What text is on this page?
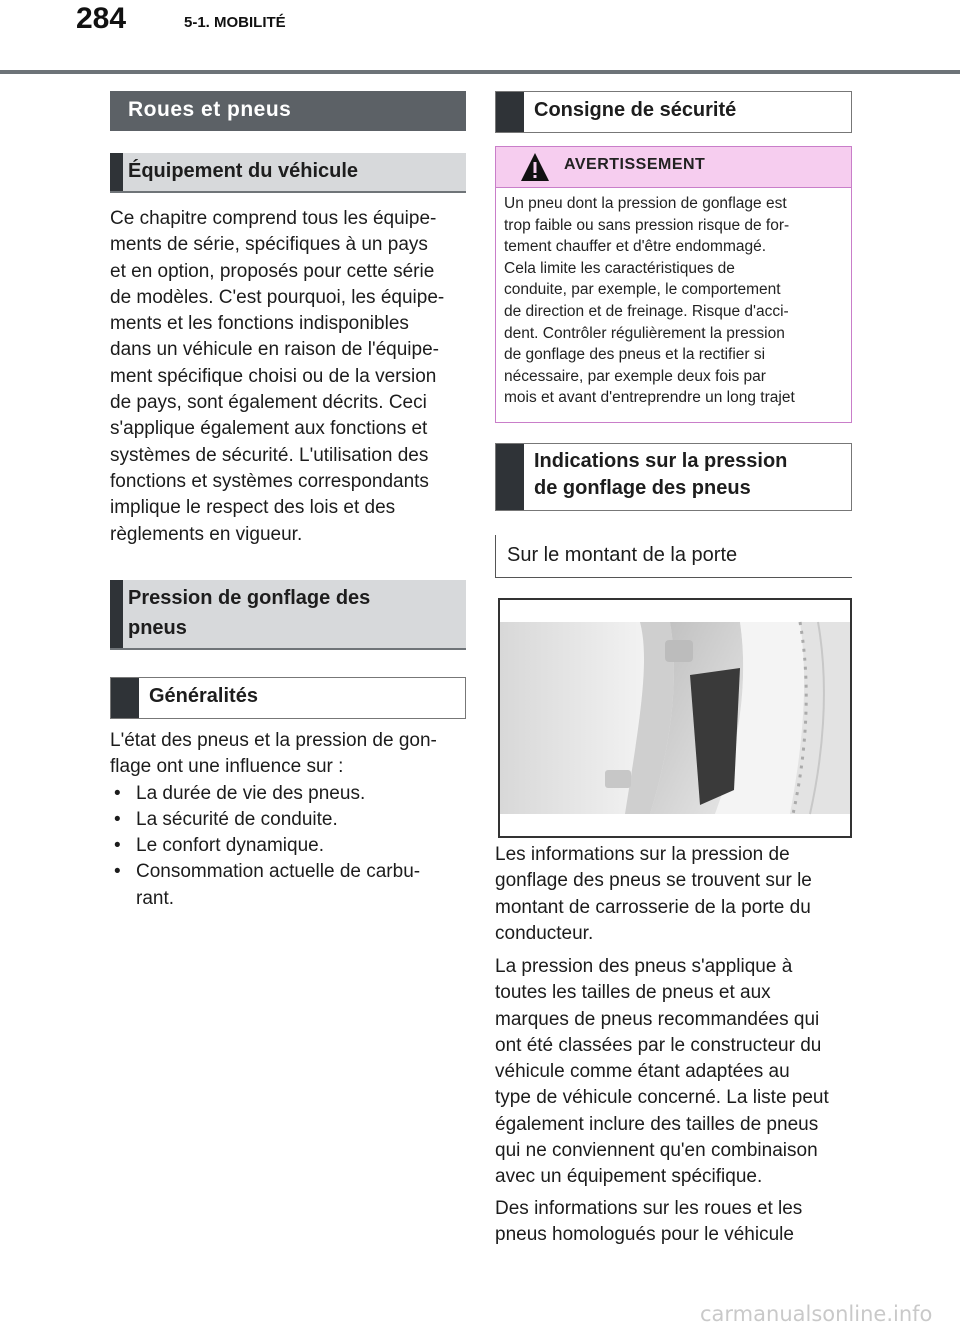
284	5-1. MOBILITÉ
Roues et pneus
Équipement du véhicule
Ce chapitre comprend tous les équipe-
ments de série, spécifiques à un pays
et en option, proposés pour cette série
de modèles. C'est pourquoi, les équipe-
ments et les fonctions indisponibles
dans un véhicule en raison de l'équipe-
ment spécifique choisi ou de la version
de pays, sont également décrits. Ceci
s'applique également aux fonctions et
systèmes de sécurité. L'utilisation des
fonctions et systèmes correspondants
implique le respect des lois et des
règlements en vigueur.
Pression de gonflage des
pneus
Généralités
L'état des pneus et la pression de gon-
flage ont une influence sur :
• La durée de vie des pneus.
• La sécurité de conduite.
• Le confort dynamique.
• Consommation actuelle de carbu-
rant.
Consigne de sécurité
AVERTISSEMENT
Un pneu dont la pression de gonflage est
trop faible ou sans pression risque de for-
tement chauffer et d'être endommagé.
Cela limite les caractéristiques de
conduite, par exemple, le comportement
de direction et de freinage. Risque d'acci-
dent. Contrôler régulièrement la pression
de gonflage des pneus et la rectifier si
nécessaire, par exemple deux fois par
mois et avant d'entreprendre un long trajet
Indications sur la pression
de gonflage des pneus
Sur le montant de la porte
Les informations sur la pression de
gonflage des pneus se trouvent sur le
montant de carrosserie de la porte du
conducteur.
La pression des pneus s'applique à
toutes les tailles de pneus et aux
marques de pneus recommandées qui
ont été classées par le constructeur du
véhicule comme étant adaptées au
type de véhicule concerné. La liste peut
également inclure des tailles de pneus
qui ne conviennent qu'en combinaison
avec un équipement spécifique.
Des informations sur les roues et les
pneus homologués pour le véhicule
carmanualsonline.info
